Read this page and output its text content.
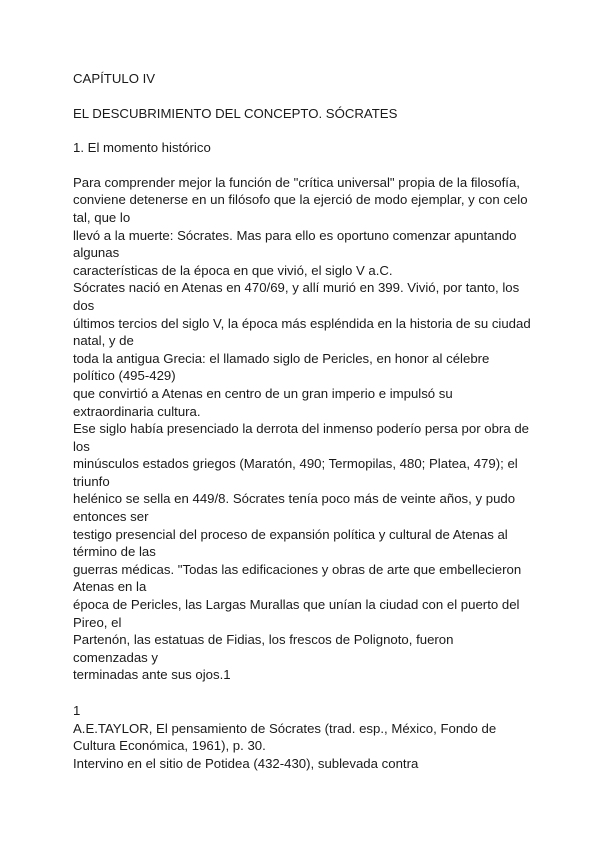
CAPÍTULO IV

EL DESCUBRIMIENTO DEL CONCEPTO. SÓCRATES

1. El momento histórico

Para comprender mejor la función de "crítica universal" propia de la filosofía,

conviene detenerse en un filósofo que la ejerció de modo ejemplar, y con celo

tal, que lo

llevó a la muerte: Sócrates. Mas para ello es oportuno comenzar apuntando

algunas

características de la época en que vivió, el siglo V a.C.

Sócrates nació en Atenas en 470/69, y allí murió en 399. Vivió, por tanto, los

dos

últimos tercios del siglo V, la época más espléndida en la historia de su ciudad

natal, y de

toda la antigua Grecia: el llamado siglo de Pericles, en honor al célebre

político (495-429)

que convirtió a Atenas en centro de un gran imperio e impulsó su

extraordinaria cultura.

Ese siglo había presenciado la derrota del inmenso poderío persa por obra de

los

minúsculos estados griegos (Maratón, 490; Termopilas, 480; Platea, 479); el

triunfo

helénico se sella en 449/8. Sócrates tenía poco más de veinte años, y pudo

entonces ser

testigo presencial del proceso de expansión política y cultural de Atenas al

término de las

guerras médicas. "Todas las edificaciones y obras de arte que embellecieron

Atenas en la

época de Pericles, las Largas Murallas que unían la ciudad con el puerto del

Pireo, el

Partenón, las estatuas de Fidias, los frescos de Polignoto, fueron

comenzadas y

terminadas ante sus ojos.1

1

A.E.TAYLOR, El pensamiento de Sócrates (trad. esp., México, Fondo de

Cultura Económica, 1961), p. 30.

Intervino en el sitio de Potidea (432-430), sublevada contra
